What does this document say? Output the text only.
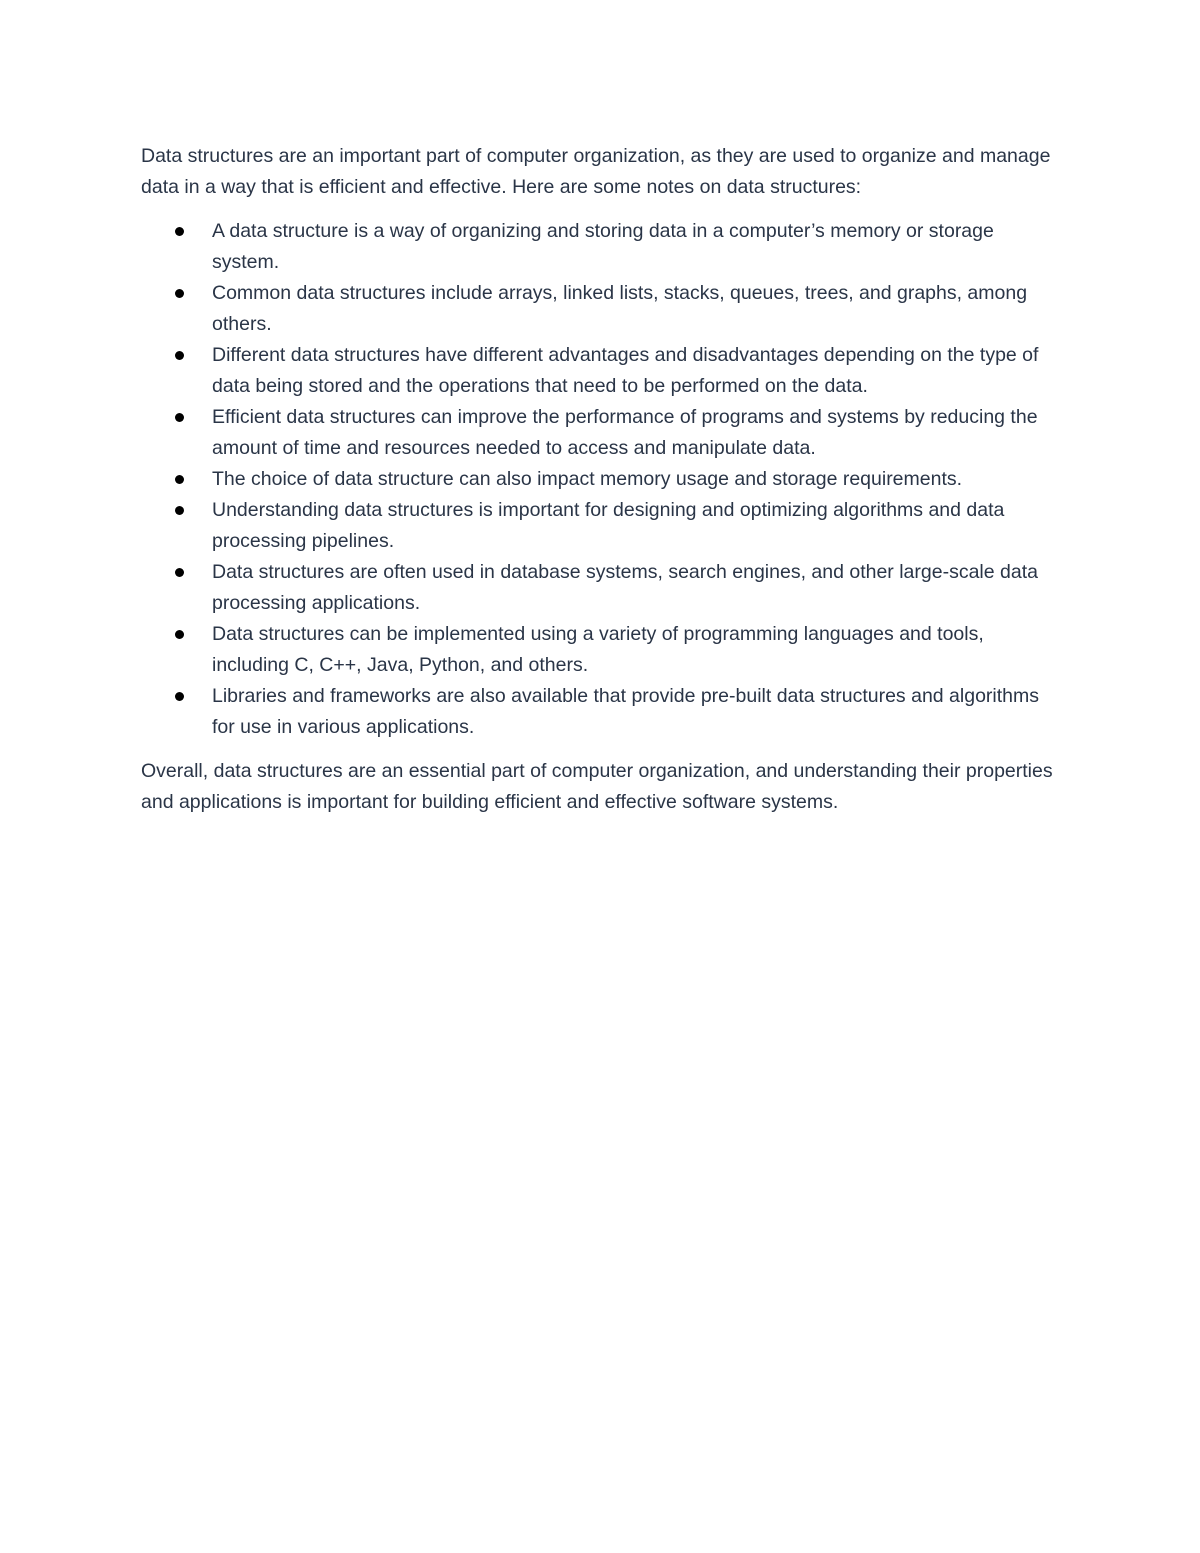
Data structures are an important part of computer organization, as they are used to organize and manage data in a way that is efficient and effective. Here are some notes on data structures:

A data structure is a way of organizing and storing data in a computer’s memory or storage system.
Common data structures include arrays, linked lists, stacks, queues, trees, and graphs, among others.
Different data structures have different advantages and disadvantages depending on the type of data being stored and the operations that need to be performed on the data.
Efficient data structures can improve the performance of programs and systems by reducing the amount of time and resources needed to access and manipulate data.
The choice of data structure can also impact memory usage and storage requirements.
Understanding data structures is important for designing and optimizing algorithms and data processing pipelines.
Data structures are often used in database systems, search engines, and other large-scale data processing applications.
Data structures can be implemented using a variety of programming languages and tools, including C, C++, Java, Python, and others.
Libraries and frameworks are also available that provide pre-built data structures and algorithms for use in various applications.

Overall, data structures are an essential part of computer organization, and understanding their properties and applications is important for building efficient and effective software systems.
